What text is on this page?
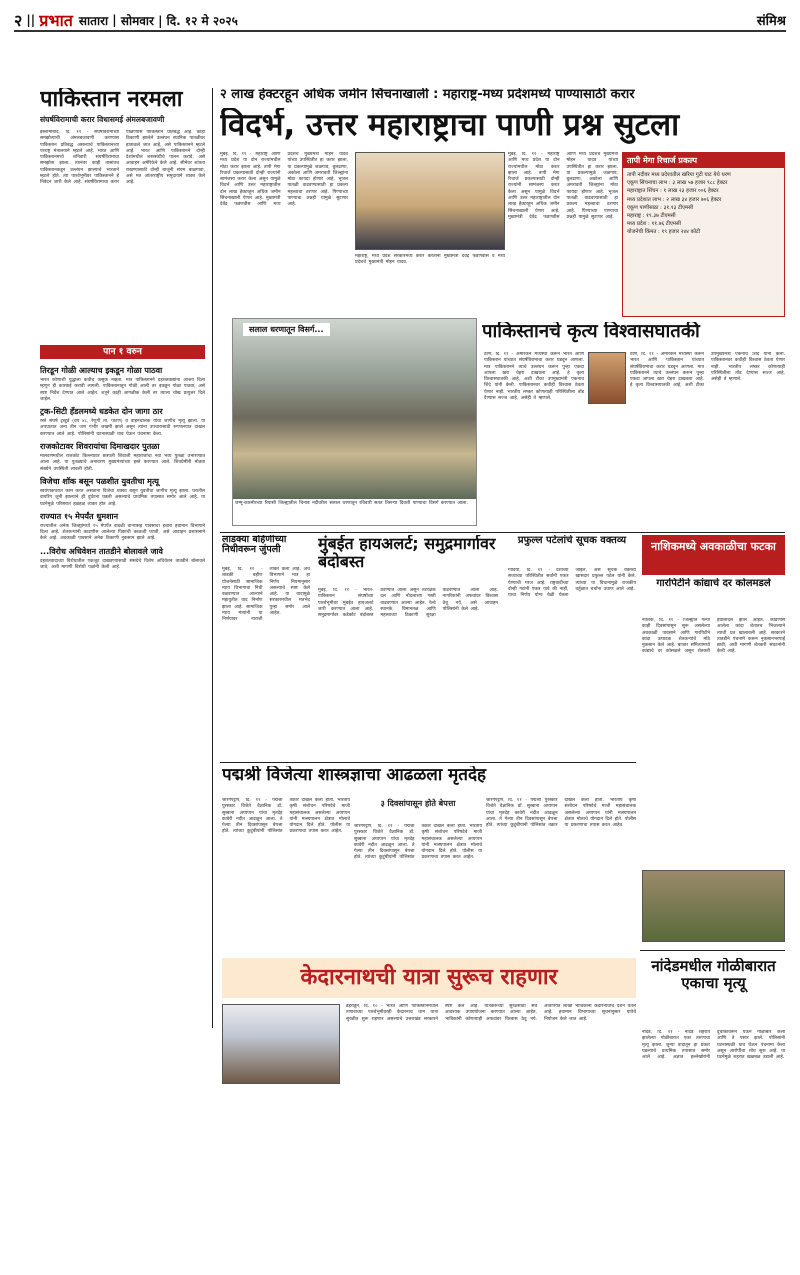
२ || प्रभात सातारा | सोमवार | दि. १२ मे २०२५	संमिश्र
पाकिस्तान नरमला
संघर्षविरामाची करार विधासमई अंमलबजावणी
इस्लामाबाद, दि. ११ - संघर्षविरामाच्या समझोत्याची अंमलबजावणी करण्यास पाकिस्तान प्रतिबद्ध असल्याचे पाकिस्तानच्या परराष्ट्र मंत्रालयाने म्हटले आहे. भारत आणि पाकिस्तानमध्ये शनिवारी संघर्षविरामाचा समझोता झाला. त्यानंतर काही तासांतच पाकिस्तानकडून उल्लंघन झाल्याचे भारताने म्हटले होते. त्या पार्श्वभूमीवर पाकिस्तानने हे निवेदन जारी केले आहे. संघर्षविरामाचा करार पाळण्यास पाकिस्तान प्रतिबद्ध आहे. काही ठिकाणी झालेले उल्लंघन स्थानिक पातळीवर हाताळले जात आहे, असे पाकिस्तानने म्हटले आहे. भारत आणि पाकिस्तानने दोन्ही देशांमधील शस्त्रसंधीचे पालन करावे, असे आवाहन अमेरिकेने केले आहे. सीमेवर शांतता राखण्यासाठी दोन्ही बाजूंनी संयम बाळगावा, असे मत आंतरराष्ट्रीय समुदायाने व्यक्त केले आहे.
पान १ वरुन
तिरडून गोळी आल्याच इकडून गोळा पाठवा
भारत कोणाशी युद्धाला कधीच उत्सुक नव्हता. मात्र पाकिस्तानने दहशतवाद्यांना आश्रय दिला म्हणून ही कारवाई करावी लागली. पाकिस्तानातून गोळी आली तर इकडून गोळा पाठवा, असे स्पष्ट निर्देश देण्यात आले आहेत. शत्रूने काही आगळीक केली तर त्याला चोख प्रत्युत्तर दिले जाईल.
ट्रक-सिटी हॅंडलमध्ये धडकेत दोन जागा ठार
रस्ते संघर्ष ट्रस्टुर्ड (वय ४८, रेणुगी ता. पाटण) व वाहनचालक यांचा जागीच मृत्यू झाला. या अपघातात अन्य तीन जण गंभीर जखमी झाले असून त्यांना उपचारासाठी रुग्णालयात दाखल करण्यात आले आहे. पोलिसांनी घटनास्थळी धाव घेऊन पंचनामा केला.
राजकोटावर शिवरायांचा दिमाखदार पुतळा
मालवणमधील राजकोट किल्ल्यावर छत्रपती शिवाजी महाराजांचा नवा भव्य पुतळा उभारण्यात आला आहे. या पुतळ्याचे अनावरण मुख्यमंत्र्यांच्या हस्ते करण्यात आले. शिवप्रेमींनी मोठ्या संख्येने उपस्थिती लावली होती.
विजेचा शॉक बसून पळशीत युवतीचा मृत्यू
स्वयंपाकघरात काम करत असताना विजेचा धक्का बसून युवतीचा जागीच मृत्यू झाला. घरातील वायरिंग जुनी झाल्याने ही दुर्घटना घडली असल्याचे प्राथमिक तपासात समोर आले आहे. या घटनेमुळे परिसरात हळहळ व्यक्त होत आहे.
राज्यात १५ मेपर्यंत धुमशान
राज्यातील अनेक जिल्ह्यांमध्ये १५ मेपर्यंत वादळी वाऱ्यासह पावसाचा इशारा हवामान विभागाने दिला आहे. शेतकऱ्यांनी काढणीस आलेल्या पिकांची काळजी घ्यावी, असे आवाहन प्रशासनाने केले आहे. अवकाळी पावसाने अनेक ठिकाणी नुकसान झाले आहे.
...विरोध अधिवेशन तातडीने बोलावले जावे
दहशतवादाच्या विरोधातील एकजूट दाखवण्यासाठी संसदेचे विशेष अधिवेशन तातडीने बोलावले जावे, अशी मागणी विरोधी पक्षांनी केली आहे.
२ लाख हेक्टरहून अधिक जमीन सिंचनाखाली : महाराष्ट्र-मध्य प्रदेशमध्ये पाण्यासाठी करार
विदर्भ, उत्तर महाराष्ट्राचा पाणी प्रश्न सुटला
मुंबई, दि. ११ - महाराष्ट्र आणि मध्य प्रदेश या दोन राज्यांमधील मोठा करार झाला आहे. तापी मेगा रिचार्ज प्रकल्पासाठी दोन्ही राज्यांनी सामंजस्य करार केला असून यामुळे विदर्भ आणि उत्तर महाराष्ट्रातील दोन लाख हेक्टरहून अधिक जमीन सिंचनाखाली येणार आहे. मुख्यमंत्री देवेंद्र फडणवीस आणि मध्य प्रदेशचे मुख्यमंत्री मोहन यादव यांच्या उपस्थितीत हा करार झाला. या प्रकल्पामुळे जळगाव, बुलढाणा, अकोला आणि अमरावती जिल्ह्यांना मोठा फायदा होणार आहे. भूजल पातळी वाढवण्यासाठी हा प्रकल्प महत्त्वाचा ठरणार आहे. पिण्याच्या पाण्याचा प्रश्नही यामुळे सुटणार आहे.
महाराष्ट्र, मध्य प्रदेश सरकारमध्ये करार करताना मुख्यमंत्री देवेंद्र फडणवीस व मध्य प्रदेशचे मुख्यमंत्री मोहन यादव.
मुंबई, दि. ११ - महाराष्ट्र आणि मध्य प्रदेश या दोन राज्यांमधील मोठा करार झाला आहे. तापी मेगा रिचार्ज प्रकल्पासाठी दोन्ही राज्यांनी सामंजस्य करार केला असून यामुळे विदर्भ आणि उत्तर महाराष्ट्रातील दोन लाख हेक्टरहून अधिक जमीन सिंचनाखाली येणार आहे. मुख्यमंत्री देवेंद्र फडणवीस आणि मध्य प्रदेशचे मुख्यमंत्री मोहन यादव यांच्या उपस्थितीत हा करार झाला. या प्रकल्पामुळे जळगाव, बुलढाणा, अकोला आणि अमरावती जिल्ह्यांना मोठा फायदा होणार आहे. भूजल पातळी वाढवण्यासाठी हा प्रकल्प महत्त्वाचा ठरणार आहे. पिण्याच्या पाण्याचा प्रश्नही यामुळे सुटणार आहे.
तापी मेगा रिचार्ज प्रकल्प
तापी नदीवर मध्य प्रदेशातील खरिया गुटी घाट येथे धरण
एकूण सिंचनाचा लाभ : ३ लाख ५७ हजार ९८८ हेक्टर
महाराष्ट्रात सिंचन : १ लाख २३ हजार ००६ हेक्टर
मध्य प्रदेशात लाभ : २ लाख ३४ हजार ७०६ हेक्टर
एकूण पाणीसाठा : ३१.१३ टीएमसी
महाराष्ट्र : १९.३७ टीएमसी
मध्य प्रदेश : ११.७६ टीएमसी
योजनेची किंमत : १९ हजार २४४ कोटी
सलाल धरणातून विसर्ग...
जम्मू-काश्मीरच्या रियासी जिल्ह्यातील चिनाब नदीवरील सलाल धरणातून रविवारी सतत तिसऱ्या दिवशी पाण्याचा विसर्ग करण्यात आला.
पाकिस्तानचे कृत्य विश्वासघातकी
ठाणे, दि. ११ - अमेरिकेने मध्यस्थी करून भारत आणि पाकिस्तान यांच्यात संघर्षविरामाचा करार घडवून आणला. मात्र पाकिस्तानने त्याचे उल्लंघन करून पुन्हा एकदा आपला खरा चेहरा दाखवला आहे. हे कृत्य विश्वासघातकी आहे, अशी टीका उपमुख्यमंत्री एकनाथ शिंदे यांनी केली. पाकिस्तानवर कधीही विश्वास ठेवता येणार नाही. भारतीय लष्कर कोणत्याही परिस्थितीला तोंड देण्यास सज्ज आहे, असेही ते म्हणाले.
ठाणे, दि. ११ - अमेरिकेने मध्यस्थी करून भारत आणि पाकिस्तान यांच्यात संघर्षविरामाचा करार घडवून आणला. मात्र पाकिस्तानने त्याचे उल्लंघन करून पुन्हा एकदा आपला खरा चेहरा दाखवला आहे. हे कृत्य विश्वासघातकी आहे, अशी टीका उपमुख्यमंत्री एकनाथ शिंदे यांनी केली. पाकिस्तानवर कधीही विश्वास ठेवता येणार नाही. भारतीय लष्कर कोणत्याही परिस्थितीला तोंड देण्यास सज्ज आहे, असेही ते म्हणाले.
लाडक्या बहिणींच्या निधीवरून जुंपली
मुंबई, दि. ११ - लाडकी बहीण योजनेसाठी सामाजिक न्याय विभागाचा निधी वळवण्यात आल्याने महायुतीत वाद निर्माण झाला आहे. सामाजिक न्याय मंत्र्यांनी या निर्णयावर नाराजी व्यक्त केली आहे. अर्थ विभागाने मात्र हा निर्णय नियमानुसार असल्याचे स्पष्ट केले आहे. या वादामुळे सरकारमधील मतभेद पुन्हा समोर आले आहेत.
मुंबईत हायअलर्ट; समुद्रमार्गावर बंदोबस्त
मुंबई, दि. ११ - भारत-पाकिस्तान संघर्षाच्या पार्श्वभूमीवर मुंबईत हायअलर्ट जारी करण्यात आला आहे. समुद्रमार्गावर कडेकोट बंदोबस्त ठेवण्यात आला असून तटरक्षक दल आणि नौदलाच्या गस्ती वाढवण्यात आल्या आहेत. रेल्वे स्थानके, विमानतळ आणि महत्त्वाच्या ठिकाणी सुरक्षा वाढवण्यात आली आहे. नागरिकांनी अफवांवर विश्वास ठेवू नये, असे आवाहन पोलिसांनी केले आहे.
प्रफुल्ल पटेलांचे सूचक वक्तव्य
गोंदिया, दि. ११ - देशाच्या सध्याच्या परिस्थितीत सर्वांनी एकत्र येण्याची गरज आहे. राष्ट्रवादीच्या दोन्ही गटांनी एकत्र यावे की नाही, याचा निर्णय योग्य वेळी घेतला जाईल, असे सूचक वक्तव्य खासदार प्रफुल्ल पटेल यांनी केले. त्यांच्या या विधानामुळे राजकीय वर्तुळात चर्चांना उधाण आले आहे.
नाशिकमध्ये अवकाळीचा फटका
गारपिटीने कांद्याचे दर कोलमडले
नाशिक, दि. ११ - जिल्ह्यात गेल्या काही दिवसांपासून सुरू असलेल्या अवकाळी पावसाने आणि गारपिटीने कांदा उत्पादक शेतकऱ्यांचे मोठे नुकसान केले आहे. बाजार समित्यांमध्ये कांद्याचे दर कोसळले असून शेतकरी हवालदिल झाले आहेत. काढणीस आलेला कांदा शेतातच भिजल्याने त्याची प्रत खालावली आहे. सरकारने तातडीने पंचनामे करून नुकसानभरपाई द्यावी, अशी मागणी शेतकरी संघटनांनी केली आहे.
पद्मश्री विजेत्या शास्त्रज्ञाचा आढळला मृतदेह
श्रीरंगपट्टण, दि. ११ - पद्मश्री पुरस्कार विजेते वैज्ञानिक डॉ. सुब्बाना अय्यप्पन यांचा मृतदेह कावेरी नदीत आढळून आला. ते गेल्या तीन दिवसांपासून बेपत्ता होते. त्यांच्या कुटुंबीयांनी पोलिसांत तक्रार दाखल केली होती. भारतीय कृषी संशोधन परिषदेचे माजी महासंचालक असलेल्या अय्यप्पन यांनी मत्स्यपालन क्षेत्रात मोलाचे योगदान दिले होते. पोलीस या प्रकरणाचा तपास करत आहेत.
३ दिवसांपासून होते बेपत्ता
श्रीरंगपट्टण, दि. ११ - पद्मश्री पुरस्कार विजेते वैज्ञानिक डॉ. सुब्बाना अय्यप्पन यांचा मृतदेह कावेरी नदीत आढळून आला. ते गेल्या तीन दिवसांपासून बेपत्ता होते. त्यांच्या कुटुंबीयांनी पोलिसांत तक्रार दाखल केली होती. भारतीय कृषी संशोधन परिषदेचे माजी महासंचालक असलेल्या अय्यप्पन यांनी मत्स्यपालन क्षेत्रात मोलाचे योगदान दिले होते. पोलीस या प्रकरणाचा तपास करत आहेत.
श्रीरंगपट्टण, दि. ११ - पद्मश्री पुरस्कार विजेते वैज्ञानिक डॉ. सुब्बाना अय्यप्पन यांचा मृतदेह कावेरी नदीत आढळून आला. ते गेल्या तीन दिवसांपासून बेपत्ता होते. त्यांच्या कुटुंबीयांनी पोलिसांत तक्रार दाखल केली होती. भारतीय कृषी संशोधन परिषदेचे माजी महासंचालक असलेल्या अय्यप्पन यांनी मत्स्यपालन क्षेत्रात मोलाचे योगदान दिले होते. पोलीस या प्रकरणाचा तपास करत आहेत.
केदारनाथची यात्रा सुरूच राहणार
डेहराडून, दि. १० - भारत आणि पाकिस्तानमधील तणावाच्या पार्श्वभूमीवरही केदारनाथ धाम यात्रा सुरळीत सुरू राहणार असल्याचे उत्तराखंड सरकारने स्पष्ट केले आहे. यात्रेकरूंच्या सुरक्षेसाठी सर्व आवश्यक उपाययोजना करण्यात आल्या आहेत. भाविकांनी कोणत्याही अफवांवर विश्वास ठेवू नये. आतापर्यंत लाखो भाविकांनी केदारनाथाचे दर्शन घेतले आहे. हवामान विभागाच्या सूचनांनुसार यात्रेचे नियोजन केले जात आहे.
नांदेडमधील गोळीबारात एकाचा मृत्यू
नांदेड, दि. ११ - नांदेड शहरात झालेल्या गोळीबारात एका तरुणाचा मृत्यू झाला. जुन्या वादातून हा प्रकार घडल्याचे प्राथमिक तपासात समोर आले आहे. अज्ञात हल्लेखोरांनी दुचाकीवरून येऊन गोळीबार केला आणि ते पसार झाले. पोलिसांनी घटनास्थळी धाव घेऊन पंचनामा केला असून आरोपींचा शोध सुरू आहे. या घटनेमुळे शहरात खळबळ उडाली आहे.
